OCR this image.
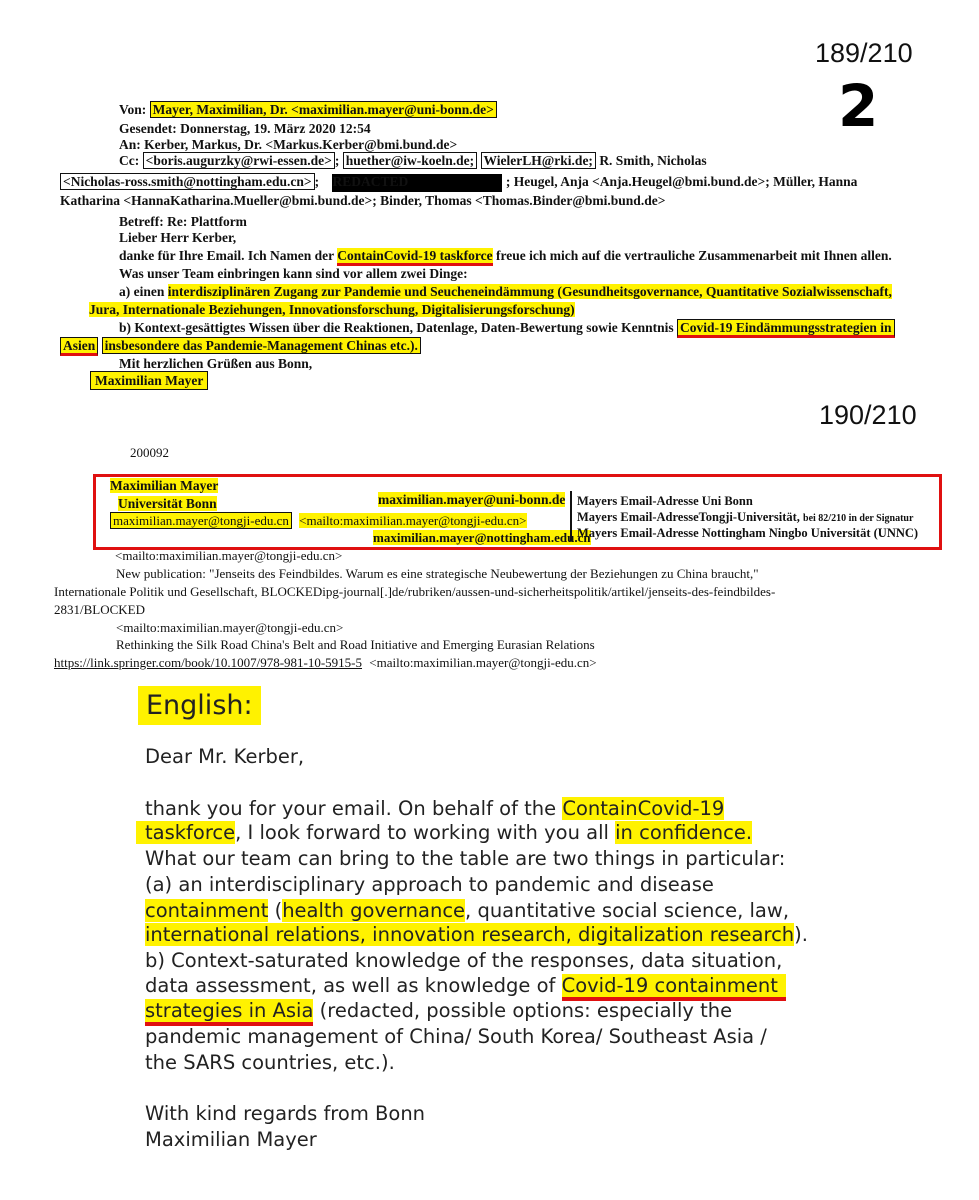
189/210
2
190/210
Von: Mayer, Maximilian, Dr. <maximilian.mayer@uni-bonn.de>
Gesendet: Donnerstag, 19. März 2020 12:54
An: Kerber, Markus, Dr. <Markus.Kerber@bmi.bund.de>
Cc: <boris.augurzky@rwi-essen.de> ; huether@iw-koeln.de; WielerLH@rki.de; R. Smith, Nicholas
<Nicholas-ross.smith@nottingham.edu.cn> ; REDACTED	; Heugel, Anja <Anja.Heugel@bmi.bund.de>; Müller, Hanna
Katharina <HannaKatharina.Mueller@bmi.bund.de>; Binder, Thomas <Thomas.Binder@bmi.bund.de>
Betreff: Re: Plattform
Lieber Herr Kerber,
danke für Ihre Email. Ich Namen der ContainCovid-19 taskforce freue ich mich auf die vertrauliche Zusammenarbeit mit Ihnen allen.
Was unser Team einbringen kann sind vor allem zwei Dinge:
a) einen interdisziplinären Zugang zur Pandemie und Seucheneindämmung (Gesundheitsgovernance, Quantitative Sozialwissenschaft,
Jura, Internationale Beziehungen, Innovationsforschung, Digitalisierungsforschung)
b) Kontext-gesättigtes Wissen über die Reaktionen, Datenlage, Daten-Bewertung sowie Kenntnis Covid-19 Eindämmungsstrategien in
Asien insbesondere das Pandemie-Management Chinas etc.).
Mit herzlichen Grüßen aus Bonn,
Maximilian Mayer
200092
Maximilian Mayer
Universität Bonn	maximilian.mayer@uni-bonn.de
maximilian.mayer@tongji-edu.cn <mailto:maximilian.mayer@tongji-edu.cn>
maximilian.mayer@nottingham.edu.cn
Mayers Email-Adresse Uni Bonn
Mayers Email-AdresseTongji-Universität, bei 82/210 in der Signatur
Mayers Email-Adresse Nottingham Ningbo Universität (UNNC)
<mailto:maximilian.mayer@tongji-edu.cn>
New publication: "Jenseits des Feindbildes. Warum es eine strategische Neubewertung der Beziehungen zu China braucht,"
Internationale Politik und Gesellschaft, BLOCKEDipg-journal[.]de/rubriken/aussen-und-sicherheitspolitik/artikel/jenseits-des-feindbildes-
2831/BLOCKED
<mailto:maximilian.mayer@tongji-edu.cn>
Rethinking the Silk Road China's Belt and Road Initiative and Emerging Eurasian Relations
https://link.springer.com/book/10.1007/978-981-10-5915-5 <mailto:maximilian.mayer@tongji-edu.cn>
English:
Dear Mr. Kerber,
thank you for your email. On behalf of the ContainCovid-19
taskforce, I look forward to working with you all in confidence.
What our team can bring to the table are two things in particular:
(a) an interdisciplinary approach to pandemic and disease
containment (health governance, quantitative social science, law,
international relations, innovation research, digitalization research).
b) Context-saturated knowledge of the responses, data situation,
data assessment, as well as knowledge of Covid-19 containment
strategies in Asia (redacted, possible options: especially the
pandemic management of China/ South Korea/ Southeast Asia /
the SARS countries, etc.).
With kind regards from Bonn
Maximilian Mayer
